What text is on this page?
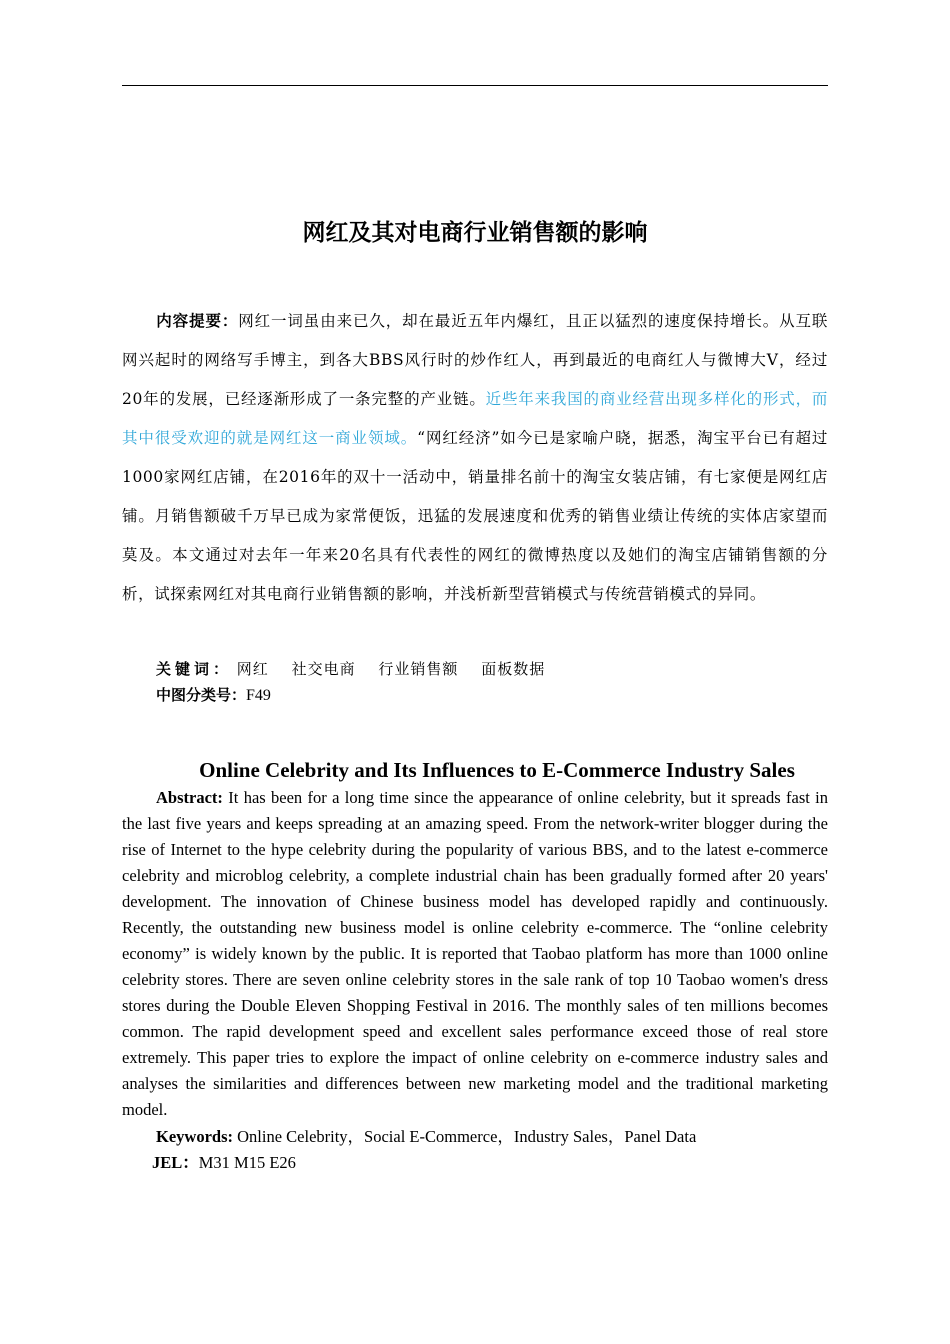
网红及其对电商行业销售额的影响
内容提要：网红一词虽由来已久，却在最近五年内爆红，且正以猛烈的速度保持增长。从互联网兴起时的网络写手博主，到各大BBS风行时的炒作红人，再到最近的电商红人与微博大V，经过20年的发展，已经逐渐形成了一条完整的产业链。近些年来我国的商业经营出现多样化的形式，而其中很受欢迎的就是网红这一商业领域。“网红经济”如今已是家喻户晓，据悉，淘宝平台已有超过1000家网红店铺，在2016年的双十一活动中，销量排名前十的淘宝女装店铺，有七家便是网红店铺。月销售额破千万早已成为家常便饭，迅猛的发展速度和优秀的销售业绩让传统的实体店家望而莫及。本文通过对去年一年来20名具有代表性的网红的微博热度以及她们的淘宝店铺销售额的分析，试探索网红对其电商行业销售额的影响，并浅析新型营销模式与传统营销模式的异同。
关键词： 网红 社交电商 行业销售额 面板数据
中图分类号：F49
Online Celebrity and Its Influences to E-Commerce Industry Sales
Abstract: It has been for a long time since the appearance of online celebrity, but it spreads fast in the last five years and keeps spreading at an amazing speed. From the network-writer blogger during the rise of Internet to the hype celebrity during the popularity of various BBS, and to the latest e-commerce celebrity and microblog celebrity, a complete industrial chain has been gradually formed after 20 years' development. The innovation of Chinese business model has developed rapidly and continuously. Recently, the outstanding new business model is online celebrity e-commerce. The “online celebrity economy” is widely known by the public. It is reported that Taobao platform has more than 1000 online celebrity stores. There are seven online celebrity stores in the sale rank of top 10 Taobao women's dress stores during the Double Eleven Shopping Festival in 2016. The monthly sales of ten millions becomes common. The rapid development speed and excellent sales performance exceed those of real store extremely. This paper tries to explore the impact of online celebrity on e-commerce industry sales and analyses the similarities and differences between new marketing model and the traditional marketing model.
Keywords: Online Celebrity，Social E-Commerce，Industry Sales，Panel Data
JEL：M31 M15 E26
